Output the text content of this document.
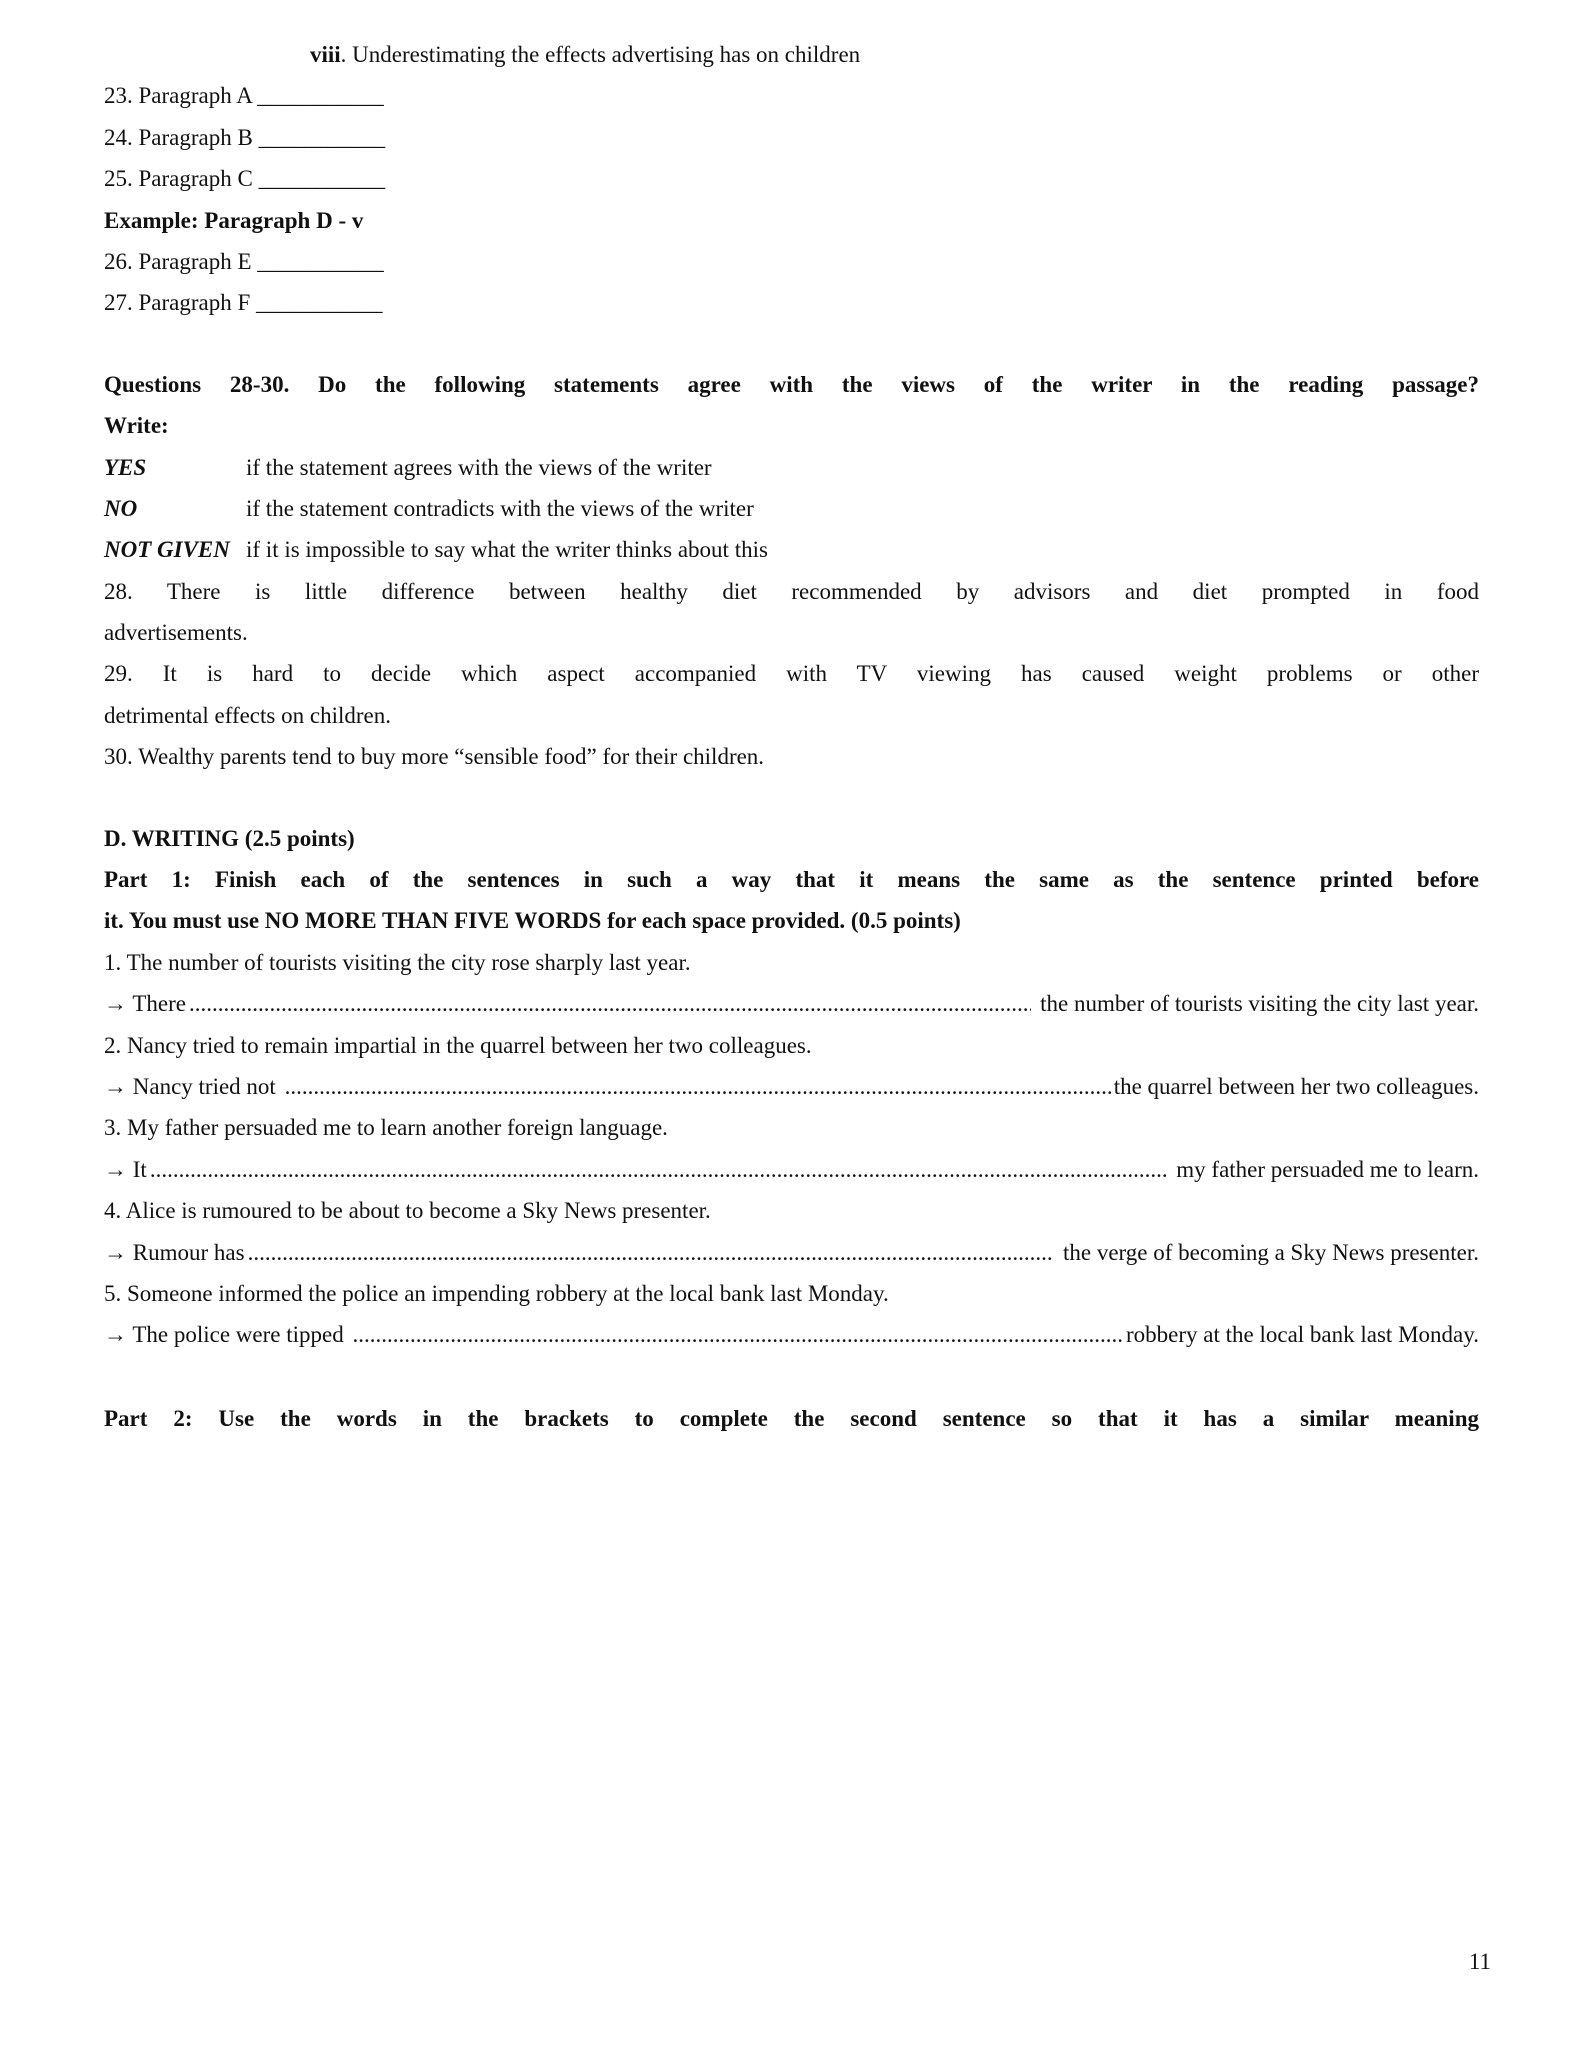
viii. Underestimating the effects advertising has on children
23. Paragraph A ___________
24. Paragraph B ___________
25. Paragraph C ___________
Example: Paragraph D - v
26. Paragraph E ___________
27. Paragraph F ___________
Questions 28-30. Do the following statements agree with the views of the writer in the reading passage?
Write:
YES	if the statement agrees with the views of the writer
NO	if the statement contradicts with the views of the writer
NOT GIVEN if it is impossible to say what the writer thinks about this
28. There is little difference between healthy diet recommended by advisors and diet prompted in food
advertisements.
29. It is hard to decide which aspect accompanied with TV viewing has caused weight problems or other
detrimental effects on children.
30. Wealthy parents tend to buy more “sensible food” for their children.
D. WRITING (2.5 points)
Part 1: Finish each of the sentences in such a way that it means the same as the sentence printed before
it. You must use NO MORE THAN FIVE WORDS for each space provided. (0.5 points)
1. The number of tourists visiting the city rose sharply last year.
→ There .....	the number of tourists visiting the city last year.
2. Nancy tried to remain impartial in the quarrel between her two colleagues.
→ Nancy tried not .....	the quarrel between her two colleagues.
3. My father persuaded me to learn another foreign language.
→ It .....	my father persuaded me to learn.
4. Alice is rumoured to be about to become a Sky News presenter.
→ Rumour has .....	the verge of becoming a Sky News presenter.
5. Someone informed the police an impending robbery at the local bank last Monday.
→ The police were tipped .....	robbery at the local bank last Monday.
Part 2: Use the words in the brackets to complete the second sentence so that it has a similar meaning
11
